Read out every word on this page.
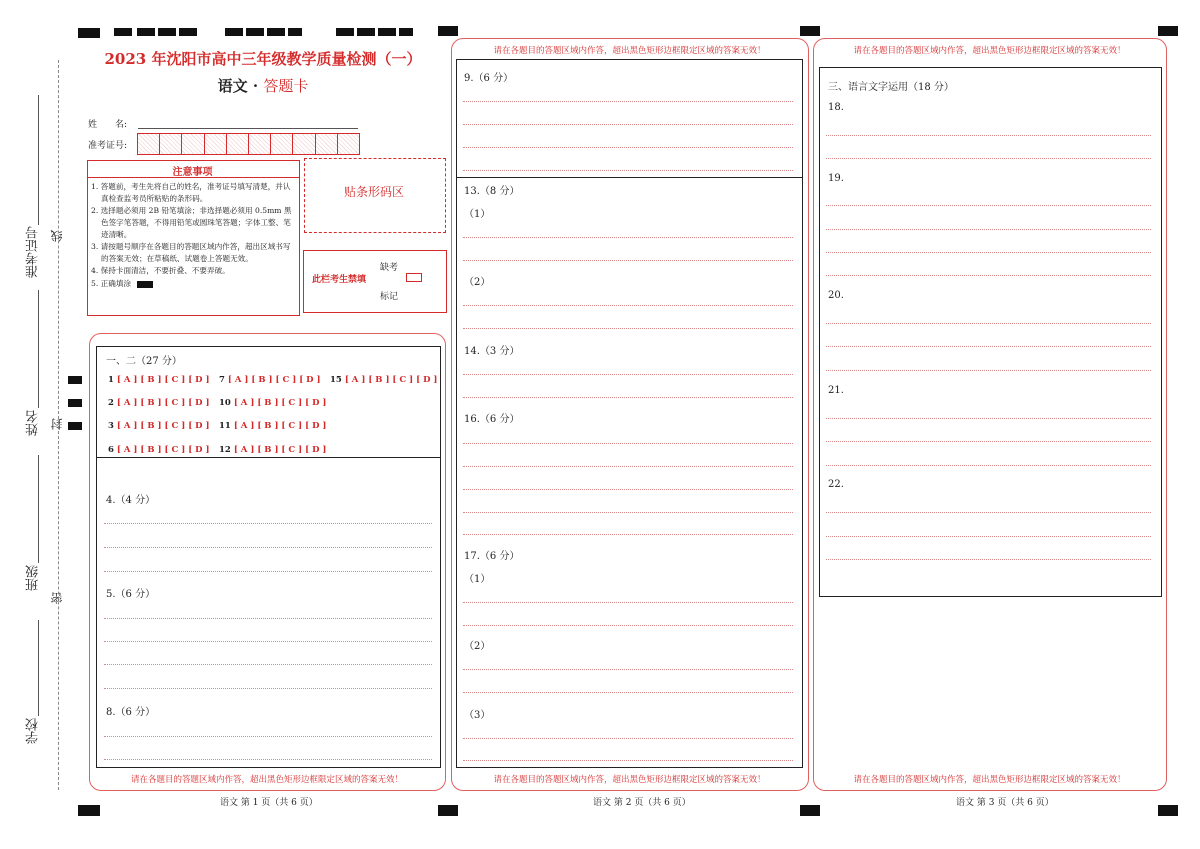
准考证号 线
姓名 封
班级
密
学校
2023 年沈阳市高中三年级教学质量检测（一）
语文 · 答题卡
姓　　名:
准考证号:
注意事项
1. 答题前，考生先将自己的姓名，准考证号填写清楚，并认真检查监考员所粘贴的条形码。
2. 选择题必须用 2B 铅笔填涂；非选择题必须用 0.5mm 黑色签字笔答题，不得用铅笔或圆珠笔答题；字体工整、笔迹清晰。
3. 请按题号顺序在各题目的答题区域内作答，超出区域书写的答案无效；在草稿纸、试题卷上答题无效。
4. 保持卡面清洁，不要折叠、不要弄破。
5. 正确填涂
贴条形码区
此栏考生禁填
缺考
标记
一、二（27 分）
1 [ A ] [ B ] [ C ] [ D ] 7 [ A ] [ B ] [ C ] [ D ] 15 [ A ] [ B ] [ C ] [ D ]
2 [ A ] [ B ] [ C ] [ D ] 10 [ A ] [ B ] [ C ] [ D ]
3 [ A ] [ B ] [ C ] [ D ] 11 [ A ] [ B ] [ C ] [ D ]
6 [ A ] [ B ] [ C ] [ D ] 12 [ A ] [ B ] [ C ] [ D ]
4.（4 分）
5.（6 分）
8.（6 分）
请在各题目的答题区域内作答，超出黑色矩形边框限定区域的答案无效！
语文 第 1 页（共 6 页）
请在各题目的答题区域内作答，超出黑色矩形边框限定区域的答案无效！
9.（6 分）
13.（8 分）
（1）
（2）
14.（3 分）
16.（6 分）
17.（6 分）
（1）
（2）
（3）
请在各题目的答题区域内作答，超出黑色矩形边框限定区域的答案无效！
语文 第 2 页（共 6 页）
请在各题目的答题区域内作答，超出黑色矩形边框限定区域的答案无效！
三、语言文字运用（18 分）
18.
19.
20.
21.
22.
请在各题目的答题区域内作答，超出黑色矩形边框限定区域的答案无效！
语文 第 3 页（共 6 页）
